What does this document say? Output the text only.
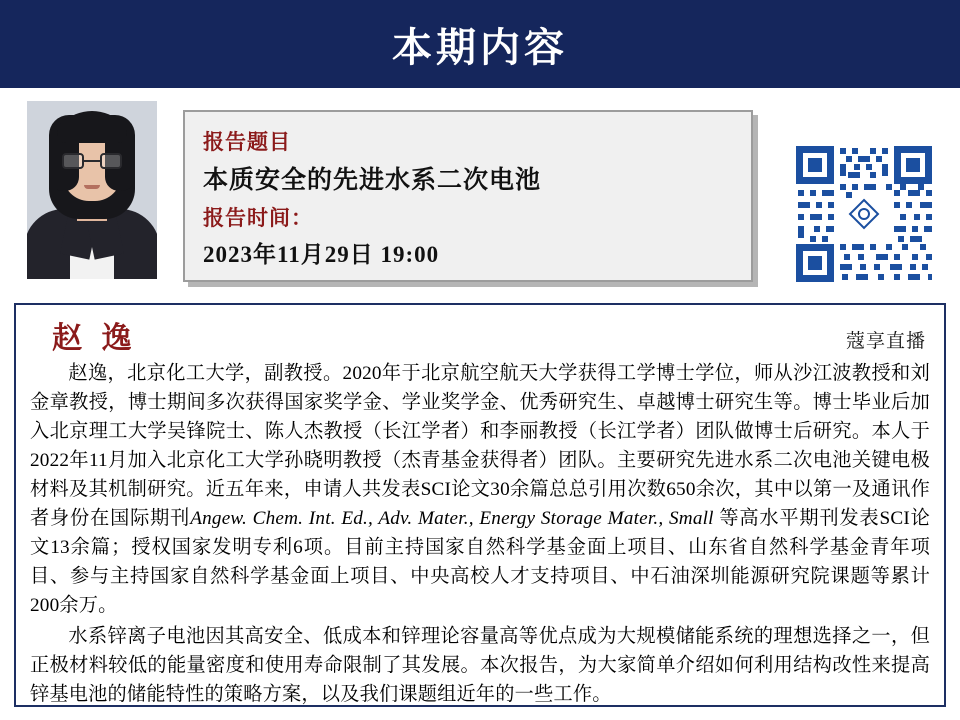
本期内容
报告题目
本质安全的先进水系二次电池
报告时间：
2023年11月29日 19:00
赵 逸	蔻享直播

赵逸，北京化工大学，副教授。2020年于北京航空航天大学获得工学博士学位，师从沙江波教授和刘金章教授，博士期间多次获得国家奖学金、学业奖学金、优秀研究生、卓越博士研究生等。博士毕业后加入北京理工大学吴锋院士、陈人杰教授（长江学者）和李丽教授（长江学者）团队做博士后研究。本人于2022年11月加入北京化工大学孙晓明教授（杰青基金获得者）团队。主要研究先进水系二次电池关键电极材料及其机制研究。近五年来，申请人共发表SCI论文30余篇总总引用次数650余次，其中以第一及通讯作者身份在国际期刊Angew. Chem. Int. Ed., Adv. Mater., Energy Storage Mater., Small 等高水平期刊发表SCI论文13余篇；授权国家发明专利6项。目前主持国家自然科学基金面上项目、山东省自然科学基金青年项目、参与主持国家自然科学基金面上项目、中央高校人才支持项目、中石油深圳能源研究院课题等累计200余万。

水系锌离子电池因其高安全、低成本和锌理论容量高等优点成为大规模储能系统的理想选择之一，但正极材料较低的能量密度和使用寿命限制了其发展。本次报告，为大家简单介绍如何利用结构改性来提高锌基电池的储能特性的策略方案，以及我们课题组近年的一些工作。
